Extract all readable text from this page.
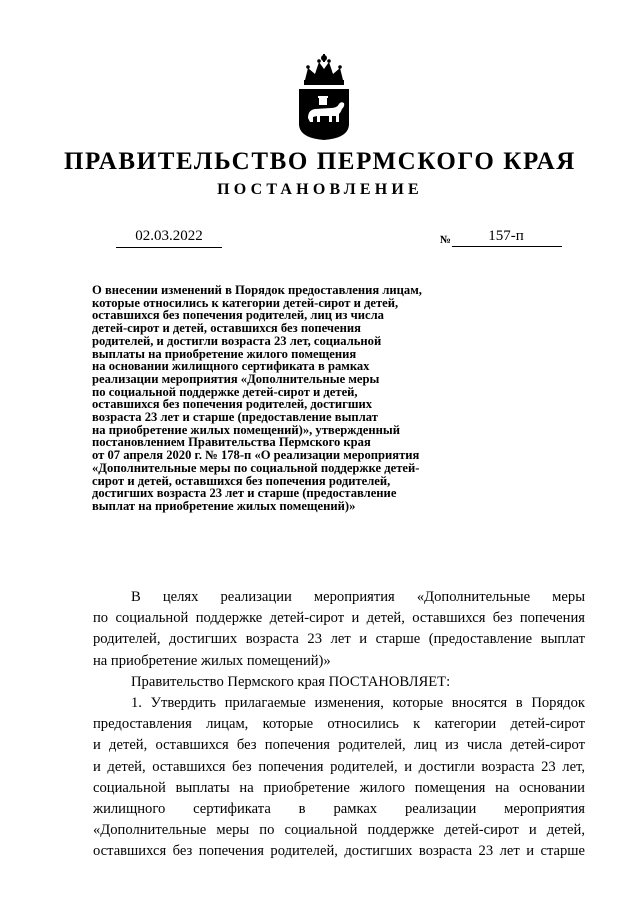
ПРАВИТЕЛЬСТВО ПЕРМСКОГО КРАЯ
ПОСТАНОВЛЕНИЕ
02.03.2022	№	157-п
О внесении изменений в Порядок предоставления лицам,
которые относились к категории детей-сирот и детей,
оставшихся без попечения родителей, лиц из числа
детей-сирот и детей, оставшихся без попечения
родителей, и достигли возраста 23 лет, социальной
выплаты на приобретение жилого помещения
на основании жилищного сертификата в рамках
реализации мероприятия «Дополнительные меры
по социальной поддержке детей-сирот и детей,
оставшихся без попечения родителей, достигших
возраста 23 лет и старше (предоставление выплат
на приобретение жилых помещений)», утвержденный
постановлением Правительства Пермского края
от 07 апреля 2020 г. № 178-п «О реализации мероприятия
«Дополнительные меры по социальной поддержке детей-
сирот и детей, оставшихся без попечения родителей,
достигших возраста 23 лет и старше (предоставление
выплат на приобретение жилых помещений)»
В целях реализации мероприятия «Дополнительные меры
по социальной поддержке детей-сирот и детей, оставшихся без попечения
родителей, достигших возраста 23 лет и старше (предоставление выплат
на приобретение жилых помещений)»
Правительство Пермского края ПОСТАНОВЛЯЕТ:
1. Утвердить прилагаемые изменения, которые вносятся в Порядок
предоставления лицам, которые относились к категории детей-сирот
и детей, оставшихся без попечения родителей, лиц из числа детей-сирот
и детей, оставшихся без попечения родителей, и достигли возраста 23 лет,
социальной выплаты на приобретение жилого помещения на основании
жилищного сертификата в рамках реализации мероприятия
«Дополнительные меры по социальной поддержке детей-сирот и детей,
оставшихся без попечения родителей, достигших возраста 23 лет и старше
